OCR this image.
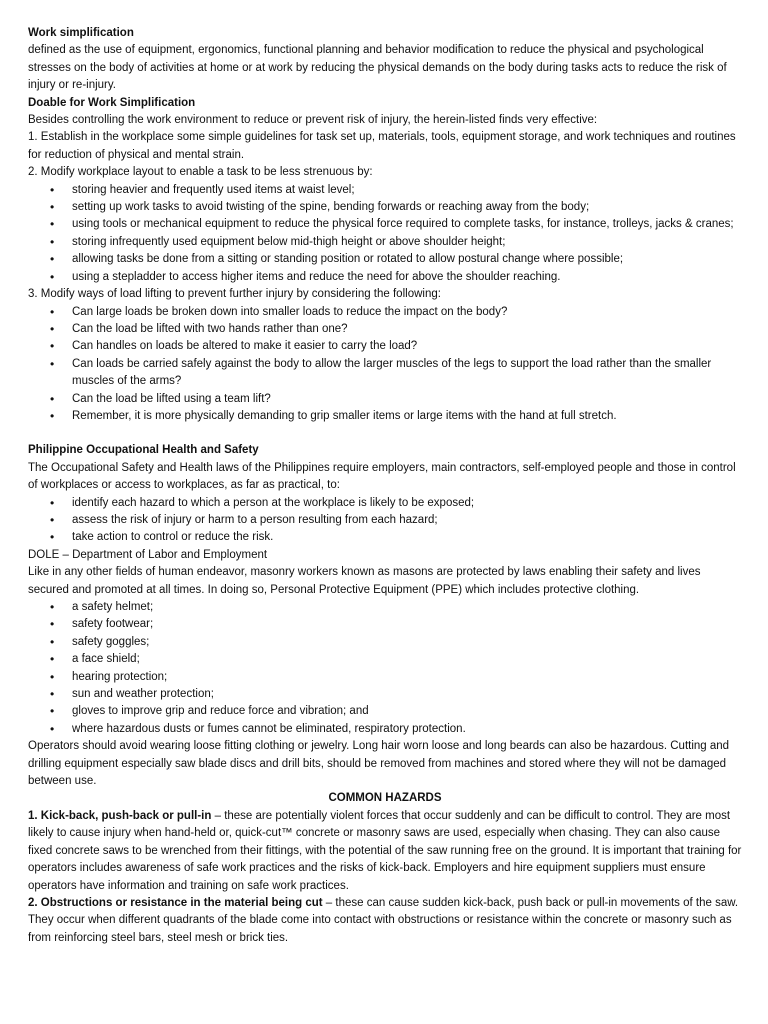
Work simplification

defined as the use of equipment, ergonomics, functional planning and behavior modification to reduce the physical and psychological stresses on the body of activities at home or at work by reducing the physical demands on the body during tasks acts to reduce the risk of injury or re-injury.

Doable for Work Simplification

Besides controlling the work environment to reduce or prevent risk of injury, the herein-listed finds very effective:

1. Establish in the workplace some simple guidelines for task set up, materials, tools, equipment storage, and work techniques and routines for reduction of physical and mental strain.

2. Modify workplace layout to enable a task to be less strenuous by:

• storing heavier and frequently used items at waist level;
• setting up work tasks to avoid twisting of the spine, bending forwards or reaching away from the body;
• using tools or mechanical equipment to reduce the physical force required to complete tasks, for instance, trolleys, jacks & cranes;
• storing infrequently used equipment below mid-thigh height or above shoulder height;
• allowing tasks be done from a sitting or standing position or rotated to allow postural change where possible;
• using a stepladder to access higher items and reduce the need for above the shoulder reaching.

3. Modify ways of load lifting to prevent further injury by considering the following:

• Can large loads be broken down into smaller loads to reduce the impact on the body?
• Can the load be lifted with two hands rather than one?
• Can handles on loads be altered to make it easier to carry the load?
• Can loads be carried safely against the body to allow the larger muscles of the legs to support the load rather than the smaller muscles of the arms?
• Can the load be lifted using a team lift?
• Remember, it is more physically demanding to grip smaller items or large items with the hand at full stretch.

Philippine Occupational Health and Safety

The Occupational Safety and Health laws of the Philippines require employers, main contractors, self-employed people and those in control of workplaces or access to workplaces, as far as practical, to:

• identify each hazard to which a person at the workplace is likely to be exposed;
• assess the risk of injury or harm to a person resulting from each hazard;
• take action to control or reduce the risk.

DOLE – Department of Labor and Employment

Like in any other fields of human endeavor, masonry workers known as masons are protected by laws enabling their safety and lives secured and promoted at all times. In doing so, Personal Protective Equipment (PPE) which includes protective clothing.

• a safety helmet;
• safety footwear;
• safety goggles;
• a face shield;
• hearing protection;
• sun and weather protection;
• gloves to improve grip and reduce force and vibration; and
• where hazardous dusts or fumes cannot be eliminated, respiratory protection.

Operators should avoid wearing loose fitting clothing or jewelry. Long hair worn loose and long beards can also be hazardous. Cutting and drilling equipment especially saw blade discs and drill bits, should be removed from machines and stored where they will not be damaged between use.

COMMON HAZARDS

1. Kick-back, push-back or pull-in – these are potentially violent forces that occur suddenly and can be difficult to control. They are most likely to cause injury when hand-held or, quick-cut™ concrete or masonry saws are used, especially when chasing. They can also cause fixed concrete saws to be wrenched from their fittings, with the potential of the saw running free on the ground. It is important that training for operators includes awareness of safe work practices and the risks of kick-back. Employers and hire equipment suppliers must ensure operators have information and training on safe work practices.

2. Obstructions or resistance in the material being cut – these can cause sudden kick-back, push back or pull-in movements of the saw. They occur when different quadrants of the blade come into contact with obstructions or resistance within the concrete or masonry such as from reinforcing steel bars, steel mesh or brick ties.
